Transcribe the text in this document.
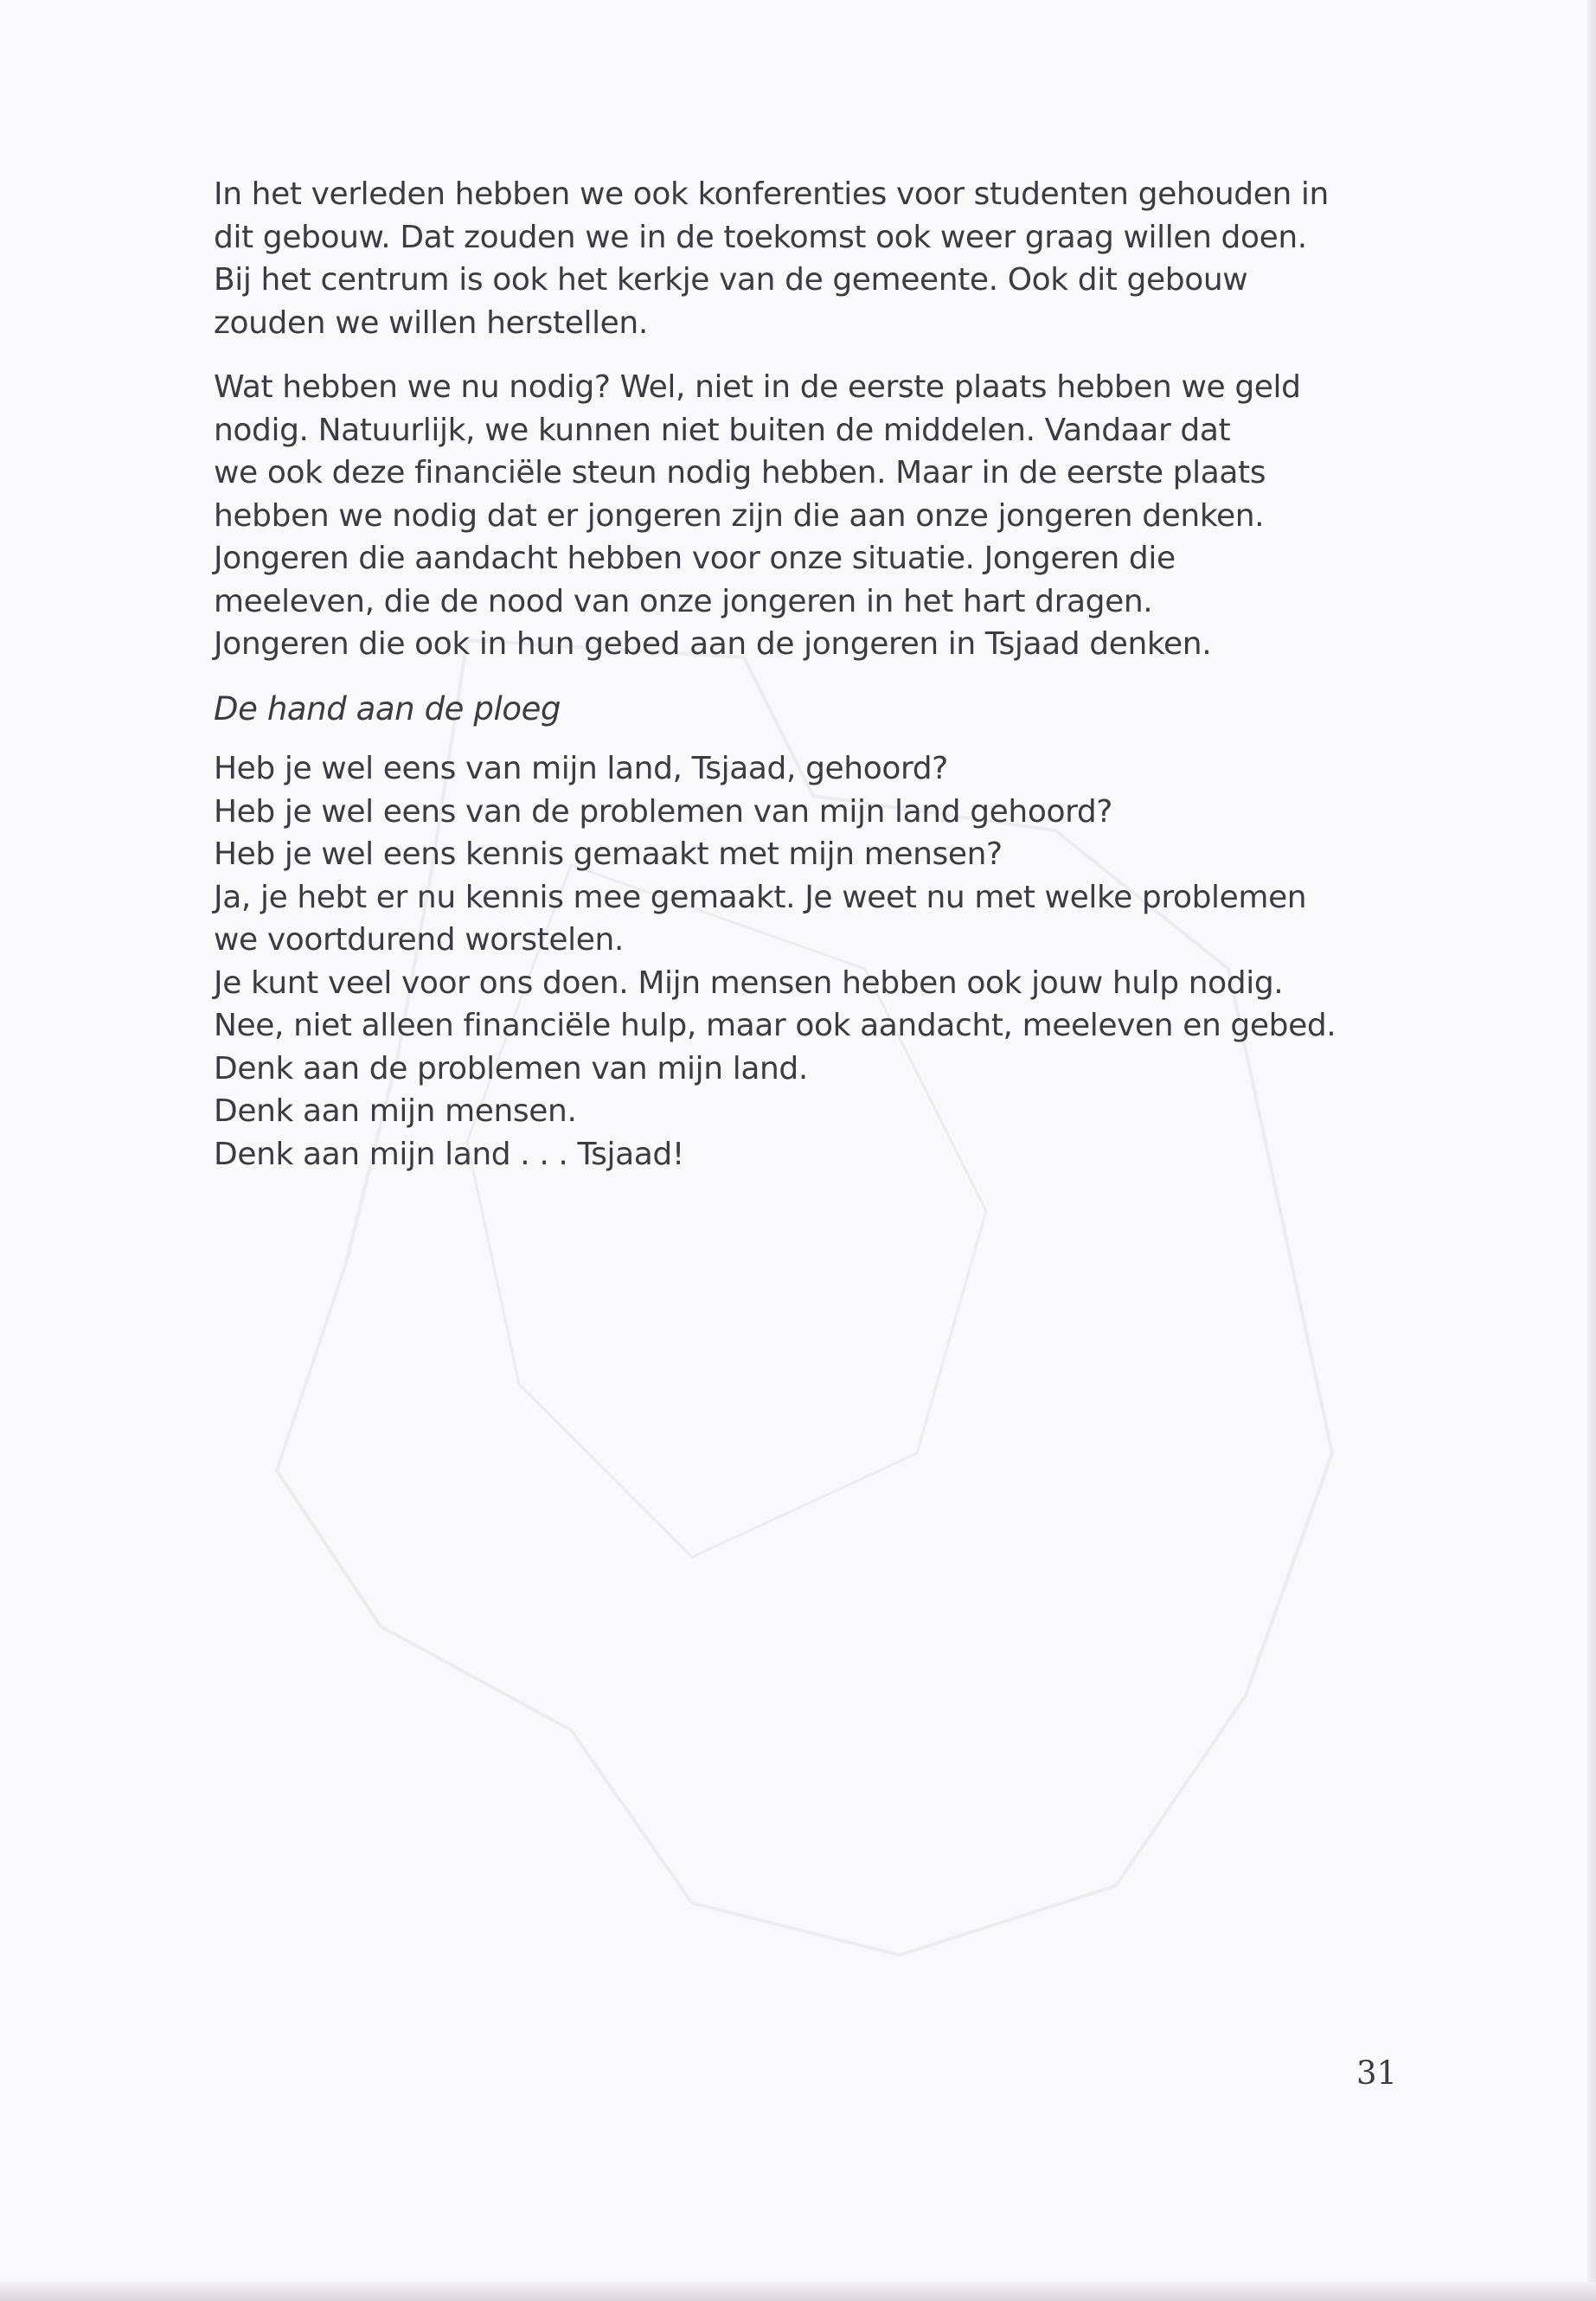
In het verleden hebben we ook konferenties voor studenten gehouden in
dit gebouw. Dat zouden we in de toekomst ook weer graag willen doen.
Bij het centrum is ook het kerkje van de gemeente. Ook dit gebouw
zouden we willen herstellen.

Wat hebben we nu nodig? Wel, niet in de eerste plaats hebben we geld
nodig. Natuurlijk, we kunnen niet buiten de middelen. Vandaar dat
we ook deze financiële steun nodig hebben. Maar in de eerste plaats
hebben we nodig dat er jongeren zijn die aan onze jongeren denken.
Jongeren die aandacht hebben voor onze situatie. Jongeren die
meeleven, die de nood van onze jongeren in het hart dragen.
Jongeren die ook in hun gebed aan de jongeren in Tsjaad denken.

De hand aan de ploeg

Heb je wel eens van mijn land, Tsjaad, gehoord?
Heb je wel eens van de problemen van mijn land gehoord?
Heb je wel eens kennis gemaakt met mijn mensen?
Ja, je hebt er nu kennis mee gemaakt. Je weet nu met welke problemen
we voortdurend worstelen.
Je kunt veel voor ons doen. Mijn mensen hebben ook jouw hulp nodig.
Nee, niet alleen financiële hulp, maar ook aandacht, meeleven en gebed.
Denk aan de problemen van mijn land.
Denk aan mijn mensen.
Denk aan mijn land . . . Tsjaad!

31
